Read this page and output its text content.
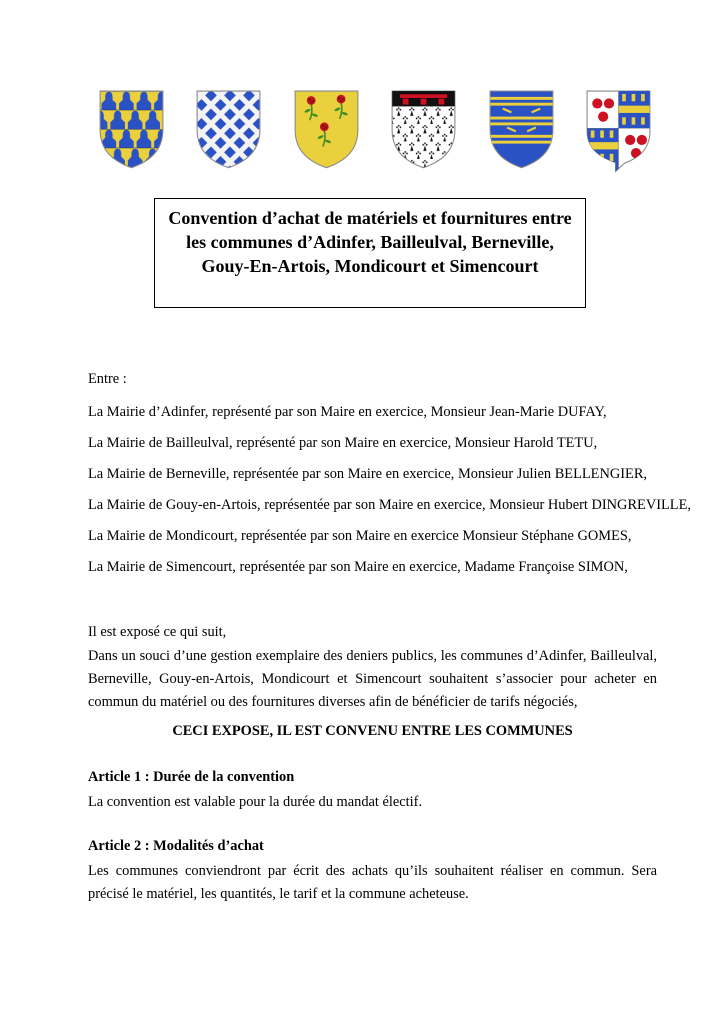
Convention d’achat de matériels et fournitures entre les communes d’Adinfer, Bailleulval, Berneville, Gouy-En-Artois, Mondicourt et Simencourt

Entre :

La Mairie d’Adinfer, représenté par son Maire en exercice, Monsieur Jean-Marie DUFAY,

La Mairie de Bailleulval, représenté par son Maire en exercice, Monsieur Harold TETU,

La Mairie de Berneville, représentée par son Maire en exercice, Monsieur Julien BELLENGIER,

La Mairie de Gouy-en-Artois, représentée par son Maire en exercice, Monsieur Hubert DINGREVILLE,

La Mairie de Mondicourt, représentée par son Maire en exercice Monsieur Stéphane GOMES,

La Mairie de Simencourt, représentée par son Maire en exercice, Madame Françoise SIMON,

Il est exposé ce qui suit,

Dans un souci d’une gestion exemplaire des deniers publics, les communes d’Adinfer, Bailleulval, Berneville, Gouy-en-Artois, Mondicourt et Simencourt souhaitent s’associer pour acheter en commun du matériel ou des fournitures diverses afin de bénéficier de tarifs négociés,

CECI EXPOSE, IL EST CONVENU ENTRE LES COMMUNES

Article 1 : Durée de la convention

La convention est valable pour la durée du mandat électif.

Article 2 : Modalités d’achat

Les communes conviendront par écrit des achats qu’ils souhaitent réaliser en commun. Sera précisé le matériel, les quantités, le tarif et la commune acheteuse.
